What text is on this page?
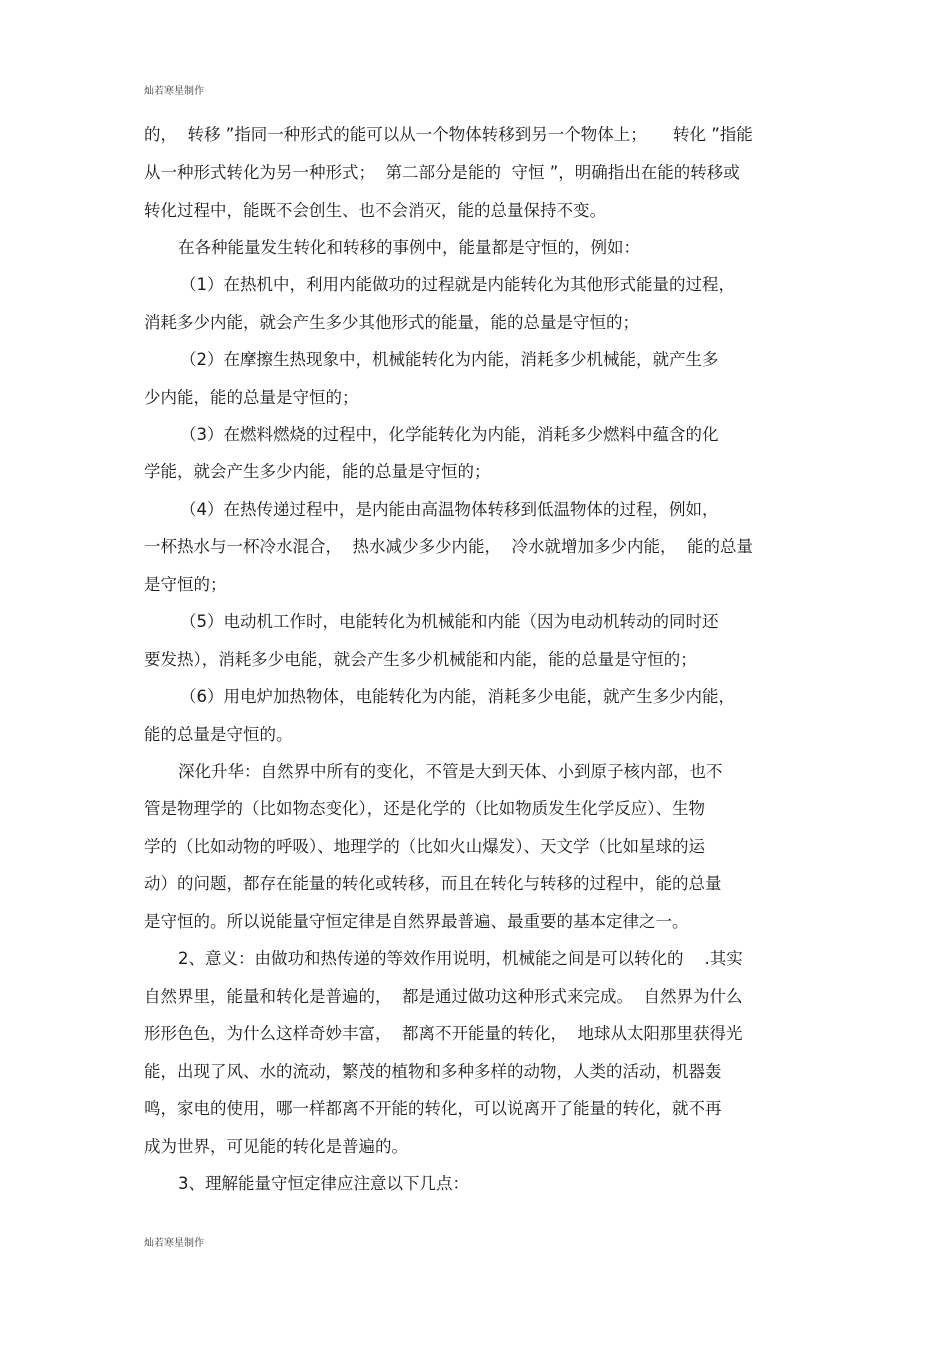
灿若寒星制作
的，  转移 ”指同一种形式的能可以从一个物体转移到另一个物体上；     转化 ”指能
从一种形式转化为另一种形式；  第二部分是能的  守恒 ”，明确指出在能的转移或
转化过程中，能既不会创生、也不会消灭，能的总量保持不变。
在各种能量发生转化和转移的事例中，能量都是守恒的，例如：
（1）在热机中，利用内能做功的过程就是内能转化为其他形式能量的过程，
消耗多少内能，就会产生多少其他形式的能量，能的总量是守恒的；
（2）在摩擦生热现象中，机械能转化为内能，消耗多少机械能，就产生多
少内能，能的总量是守恒的；
（3）在燃料燃烧的过程中，化学能转化为内能，消耗多少燃料中蕴含的化
学能，就会产生多少内能，能的总量是守恒的；
（4）在热传递过程中，是内能由高温物体转移到低温物体的过程，例如，
一杯热水与一杯冷水混合，  热水减少多少内能，  冷水就增加多少内能，  能的总量
是守恒的；
（5）电动机工作时，电能转化为机械能和内能（因为电动机转动的同时还
要发热），消耗多少电能，就会产生多少机械能和内能，能的总量是守恒的；
（6）用电炉加热物体，电能转化为内能，消耗多少电能，就产生多少内能，
能的总量是守恒的。
深化升华：自然界中所有的变化，不管是大到天体、小到原子核内部，也不
管是物理学的（比如物态变化），还是化学的（比如物质发生化学反应）、生物
学的（比如动物的呼吸）、地理学的（比如火山爆发）、天文学（比如星球的运
动）的问题，都存在能量的转化或转移，而且在转化与转移的过程中，能的总量
是守恒的。所以说能量守恒定律是自然界最普遍、最重要的基本定律之一。
2、意义：由做功和热传递的等效作用说明，机械能之间是可以转化的    .其实
自然界里，能量和转化是普遍的，  都是通过做功这种形式来完成。  自然界为什么
形形色色，为什么这样奇妙丰富，  都离不开能量的转化，  地球从太阳那里获得光
能，出现了风、水的流动，繁茂的植物和多种多样的动物，人类的活动，机器轰
鸣，家电的使用，哪一样都离不开能的转化，可以说离开了能量的转化，就不再
成为世界，可见能的转化是普遍的。
3、理解能量守恒定律应注意以下几点：
灿若寒星制作
